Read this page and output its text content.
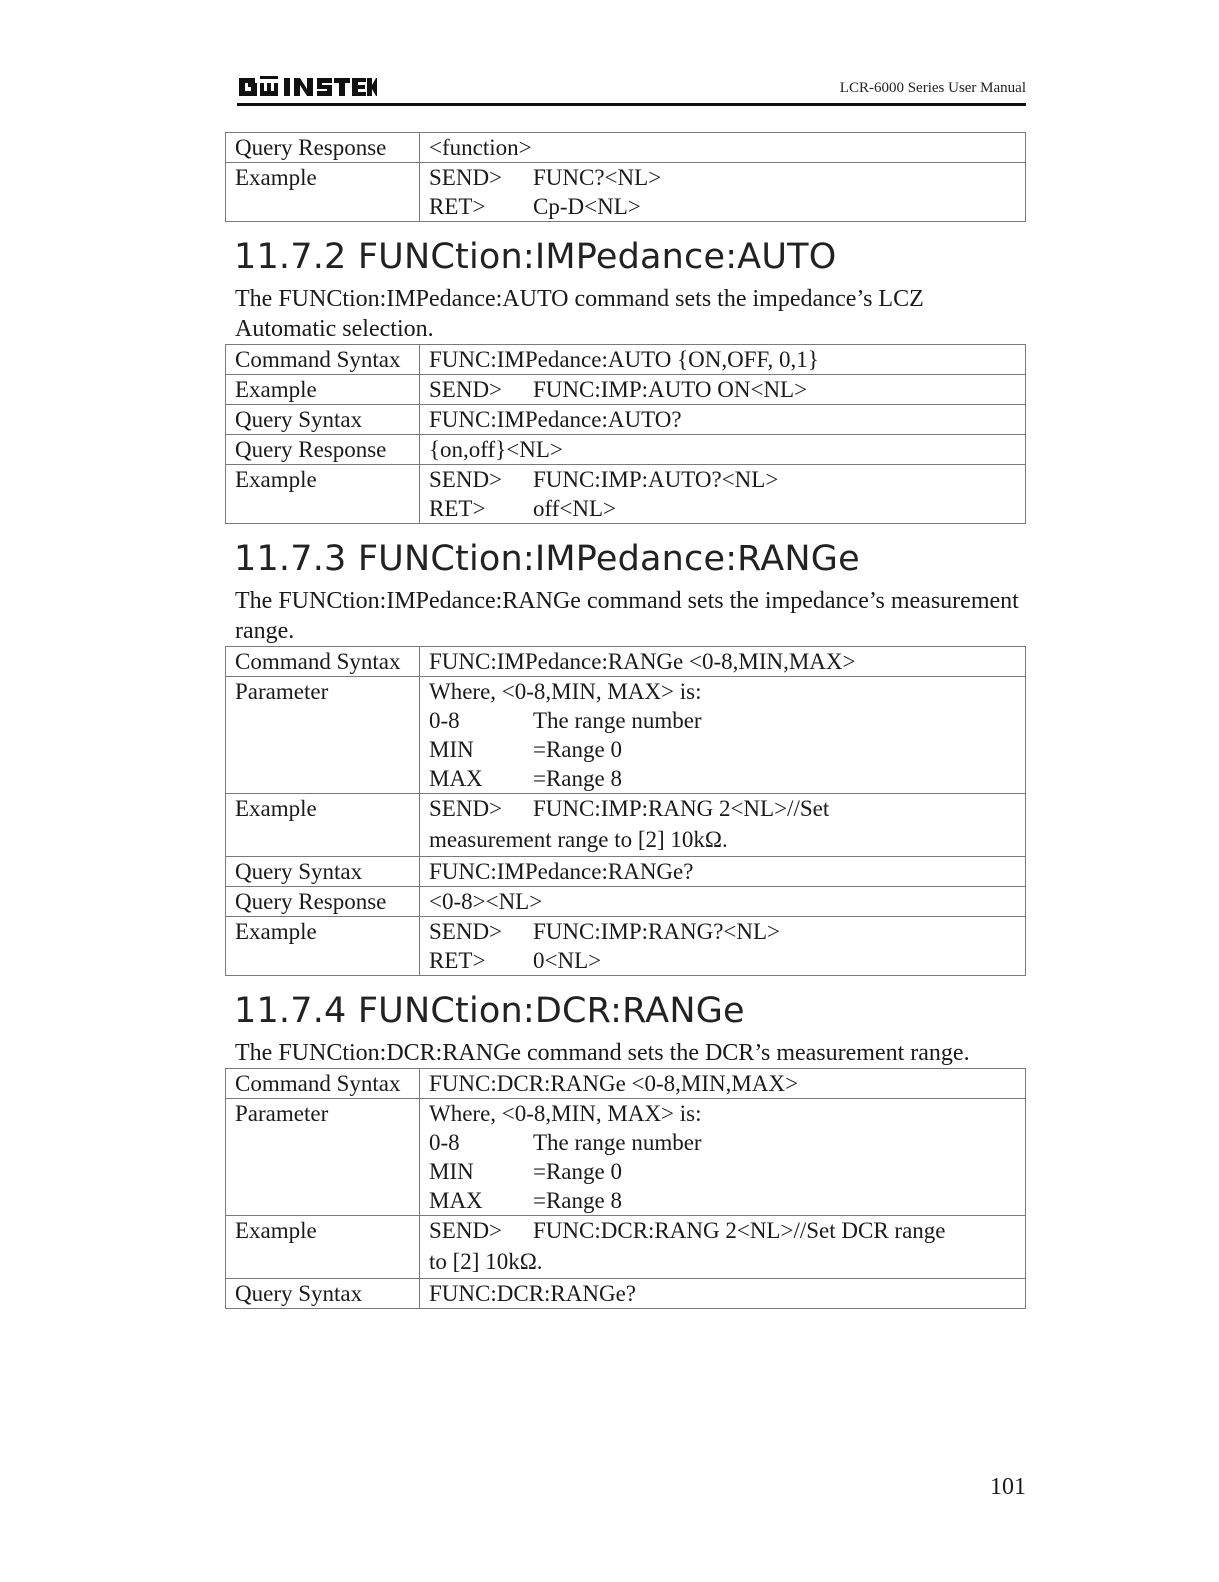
LCR-6000 Series User Manual
Query Response	<function>

Example	SEND> FUNC?<NL>
RET> Cp-D<NL>
11.7.2 FUNCtion:IMPedance:AUTO

The FUNCtion:IMPedance:AUTO command sets the impedance’s LCZ Automatic selection.

Command Syntax	FUNC:IMPedance:AUTO {ON,OFF, 0,1}
Example	SEND> FUNC:IMP:AUTO ON<NL>

Query Syntax	FUNC:IMPedance:AUTO?
Query Response	{on,off}<NL>
Example	SEND> FUNC:IMP:AUTO?<NL>
RET> off<NL>
11.7.3 FUNCtion:IMPedance:RANGe

The FUNCtion:IMPedance:RANGe command sets the impedance’s measurement range.

Command Syntax	FUNC:IMPedance:RANGe <0-8,MIN,MAX>
Parameter	Where, <0-8,MIN, MAX> is:
0-8 The range number
MIN =Range 0
MAX =Range 8

Example	SEND> FUNC:IMP:RANG 2<NL>//Set
measurement range to [2] 10kΩ.

Query Syntax	FUNC:IMPedance:RANGe?
Query Response	<0-8><NL>
Example	SEND> FUNC:IMP:RANG?<NL>
RET> 0<NL>
11.7.4 FUNCtion:DCR:RANGe

The FUNCtion:DCR:RANGe command sets the DCR’s measurement range.

Command Syntax	FUNC:DCR:RANGe <0-8,MIN,MAX>
Parameter	Where, <0-8,MIN, MAX> is:
0-8 The range number
MIN =Range 0
MAX =Range 8

Example	SEND> FUNC:DCR:RANG 2<NL>//Set DCR range
to [2] 10kΩ.

Query Syntax	FUNC:DCR:RANGe?
101
